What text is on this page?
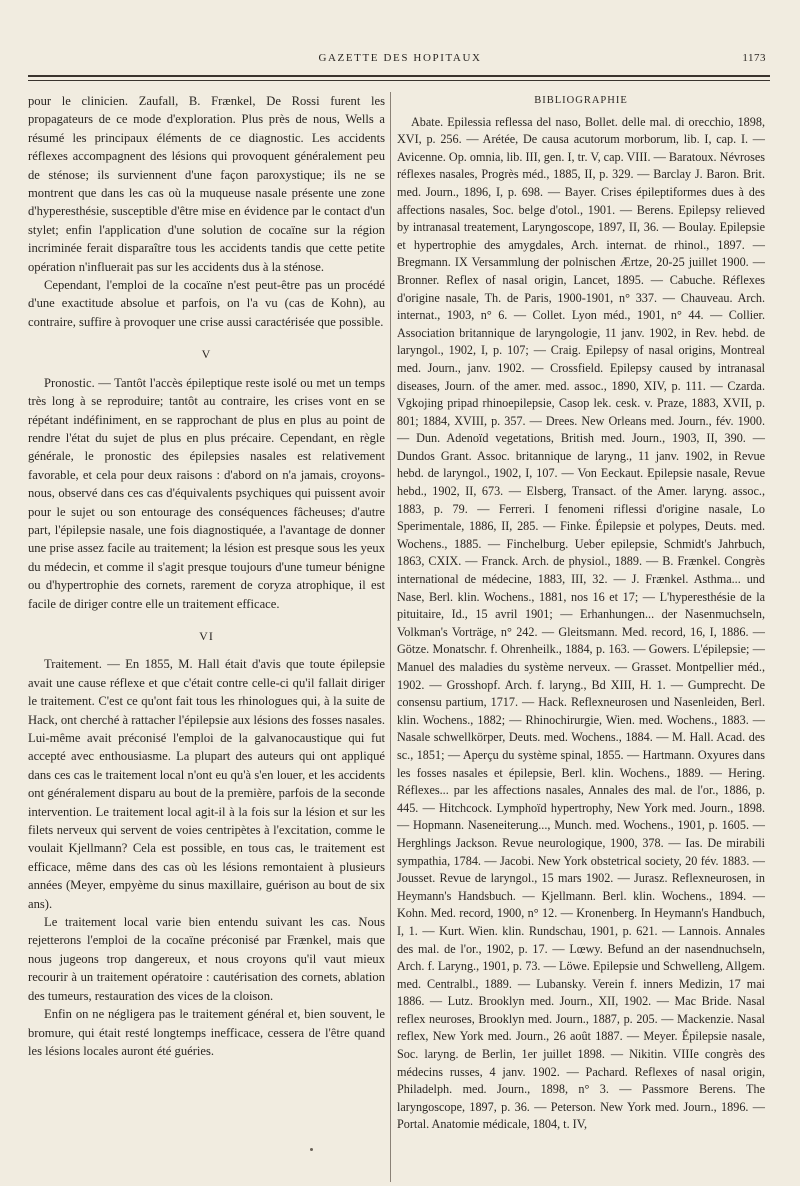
GAZETTE DES HOPITAUX	1173

pour le clinicien. Zaufall, B. Frænkel, De Rossi furent les propagateurs de ce mode d'exploration. Plus près de nous, Wells a résumé les principaux éléments de ce diagnostic. Les accidents réflexes accompagnent des lésions qui provoquent généralement peu de sténose; ils surviennent d'une façon paroxystique; ils ne se montrent que dans les cas où la muqueuse nasale présente une zone d'hyperesthésie, susceptible d'être mise en évidence par le contact d'un stylet; enfin l'application d'une solution de cocaïne sur la région incriminée ferait disparaître tous les accidents tandis que cette petite opération n'influerait pas sur les accidents dus à la sténose.

Cependant, l'emploi de la cocaïne n'est peut-être pas un procédé d'une exactitude absolue et parfois, on l'a vu (cas de Kohn), au contraire, suffire à provoquer une crise aussi caractérisée que possible.

V

Pronostic. — Tantôt l'accès épileptique reste isolé ou met un temps très long à se reproduire; tantôt au contraire, les crises vont en se répétant indéfiniment, en se rapprochant de plus en plus au point de rendre l'état du sujet de plus en plus précaire. Cependant, en règle générale, le pronostic des épilepsies nasales est relativement favorable, et cela pour deux raisons : d'abord on n'a jamais, croyons-nous, observé dans ces cas d'équivalents psychiques qui puissent avoir pour le sujet ou son entourage des conséquences fâcheuses; d'autre part, l'épilepsie nasale, une fois diagnostiquée, a l'avantage de donner une prise assez facile au traitement; la lésion est presque sous les yeux du médecin, et comme il s'agit presque toujours d'une tumeur bénigne ou d'hypertrophie des cornets, rarement de coryza atrophique, il est facile de diriger contre elle un traitement efficace.

VI

Traitement. — En 1855, M. Hall était d'avis que toute épilepsie avait une cause réflexe et que c'était contre celle-ci qu'il fallait diriger le traitement. C'est ce qu'ont fait tous les rhinologues qui, à la suite de Hack, ont cherché à rattacher l'épilepsie aux lésions des fosses nasales. Lui-même avait préconisé l'emploi de la galvanocaustique qui fut accepté avec enthousiasme. La plupart des auteurs qui ont appliqué dans ces cas le traitement local n'ont eu qu'à s'en louer, et les accidents ont généralement disparu au bout de la première, parfois de la seconde intervention. Le traitement local agit-il à la fois sur la lésion et sur les filets nerveux qui servent de voies centripètes à l'excitation, comme le voulait Kjellmann? Cela est possible, en tous cas, le traitement est efficace, même dans des cas où les lésions remontaient à plusieurs années (Meyer, empyème du sinus maxillaire, guérison au bout de six ans).

Le traitement local varie bien entendu suivant les cas. Nous rejetterons l'emploi de la cocaïne préconisé par Frænkel, mais que nous jugeons trop dangereux, et nous croyons qu'il vaut mieux recourir à un traitement opératoire : cautérisation des cornets, ablation des tumeurs, restauration des vices de la cloison.

Enfin on ne négligera pas le traitement général et, bien souvent, le bromure, qui était resté longtemps inefficace, cessera de l'être quand les lésions locales auront été guéries.

BIBLIOGRAPHIE

Abate. Epilessia reflessa del naso, Bollet. delle mal. di orecchio, 1898, XVI, p. 256. — Arétée, De causa acutorum morborum, lib. I, cap. I. — Avicenne. Op. omnia, lib. III, gen. I, tr. V, cap. VIII. — Baratoux. Névroses réflexes nasales, Progrès méd., 1885, II, p. 329. — Barclay J. Baron. Brit. med. Journ., 1896, I, p. 698. — Bayer. Crises épileptiformes dues à des affections nasales, Soc. belge d'otol., 1901. — Berens. Epilepsy relieved by intranasal treatement, Laryngoscope, 1897, II, 36. — Boulay. Epilepsie et hypertrophie des amygdales, Arch. internat. de rhinol., 1897. — Bregmann. IX Versammlung der polnischen Ærtze, 20-25 juillet 1900. — Bronner. Reflex of nasal origin, Lancet, 1895. — Cabuche. Réflexes d'origine nasale, Th. de Paris, 1900-1901, n° 337. — Chauveau. Arch. internat., 1903, n° 6. — Collet. Lyon méd., 1901, n° 44. — Collier. Association britannique de laryngologie, 11 janv. 1902, in Rev. hebd. de laryngol., 1902, I, p. 107; — Craig. Epilepsy of nasal origins, Montreal med. Journ., janv. 1902. — Crossfield. Epilepsy caused by intranasal diseases, Journ. of the amer. med. assoc., 1890, XIV, p. 111. — Czarda. Vgkojing pripad rhinoepilepsie, Casop lek. cesk. v. Praze, 1883, XVII, p. 801; 1884, XVIII, p. 357. — Drees. New Orleans med. Journ., fév. 1900. — Dun. Adenoïd vegetations, British med. Journ., 1903, II, 390. — Dundos Grant. Assoc. britannique de laryng., 11 janv. 1902, in Revue hebd. de laryngol., 1902, I, 107. — Von Eeckaut. Epilepsie nasale, Revue hebd., 1902, II, 673. — Elsberg, Transact. of the Amer. laryng. assoc., 1883, p. 79. — Ferreri. I fenomeni riflessi d'origine nasale, Lo Sperimentale, 1886, II, 285. — Finke. Épilepsie et polypes, Deuts. med. Wochens., 1885. — Finchelburg. Ueber epilepsie, Schmidt's Jahrbuch, 1863, CXIX. — Franck. Arch. de physiol., 1889. — B. Frænkel. Congrès international de médecine, 1883, III, 32. — J. Frænkel. Asthma... und Nase, Berl. klin. Wochens., 1881, nos 16 et 17; — L'hyperesthésie de la pituitaire, Id., 15 avril 1901; — Erhanhungen... der Nasenmuchseln, Volkman's Vorträge, n° 242. — Gleitsmann. Med. record, 16, I, 1886. — Götze. Monatschr. f. Ohrenheilk., 1884, p. 163. — Gowers. L'épilepsie; — Manuel des maladies du système nerveux. — Grasset. Montpellier méd., 1902. — Grosshopf. Arch. f. laryng., Bd XIII, H. 1. — Gumprecht. De consensu partium, 1717. — Hack. Reflexneurosen und Nasenleiden, Berl. klin. Wochens., 1882; — Rhinochirurgie, Wien. med. Wochens., 1883. — Nasale schwellkörper, Deuts. med. Wochens., 1884. — M. Hall. Acad. des sc., 1851; — Aperçu du système spinal, 1855. — Hartmann. Oxyures dans les fosses nasales et épilepsie, Berl. klin. Wochens., 1889. — Hering. Réflexes... par les affections nasales, Annales des mal. de l'or., 1886, p. 445. — Hitchcock. Lymphoïd hypertrophy, New York med. Journ., 1898. — Hopmann. Naseneiterung..., Munch. med. Wochens., 1901, p. 1605. — Herghlings Jackson. Revue neurologique, 1900, 378. — Ias. De mirabili sympathia, 1784. — Jacobi. New York obstetrical society, 20 fév. 1883. — Jousset. Revue de laryngol., 15 mars 1902. — Jurasz. Reflexneurosen, in Heymann's Handsbuch. — Kjellmann. Berl. klin. Wochens., 1894. — Kohn. Med. record, 1900, n° 12. — Kronenberg. In Heymann's Handbuch, I, 1. — Kurt. Wien. klin. Rundschau, 1901, p. 621. — Lannois. Annales des mal. de l'or., 1902, p. 17. — Lœwy. Befund an der nasendnuchseln, Arch. f. Laryng., 1901, p. 73. — Löwe. Epilepsie und Schwelleng, Allgem. med. Centralbl., 1889. — Lubansky. Verein f. inners Medizin, 17 mai 1886. — Lutz. Brooklyn med. Journ., XII, 1902. — Mac Bride. Nasal reflex neuroses, Brooklyn med. Journ., 1887, p. 205. — Mackenzie. Nasal reflex, New York med. Journ., 26 août 1887. — Meyer. Épilepsie nasale, Soc. laryng. de Berlin, 1er juillet 1898. — Nikitin. VIIIe congrès des médecins russes, 4 janv. 1902. — Pachard. Reflexes of nasal origin, Philadelph. med. Journ., 1898, n° 3. — Passmore Berens. The laryngoscope, 1897, p. 36. — Peterson. New York med. Journ., 1896. — Portal. Anatomie médicale, 1804, t. IV,
